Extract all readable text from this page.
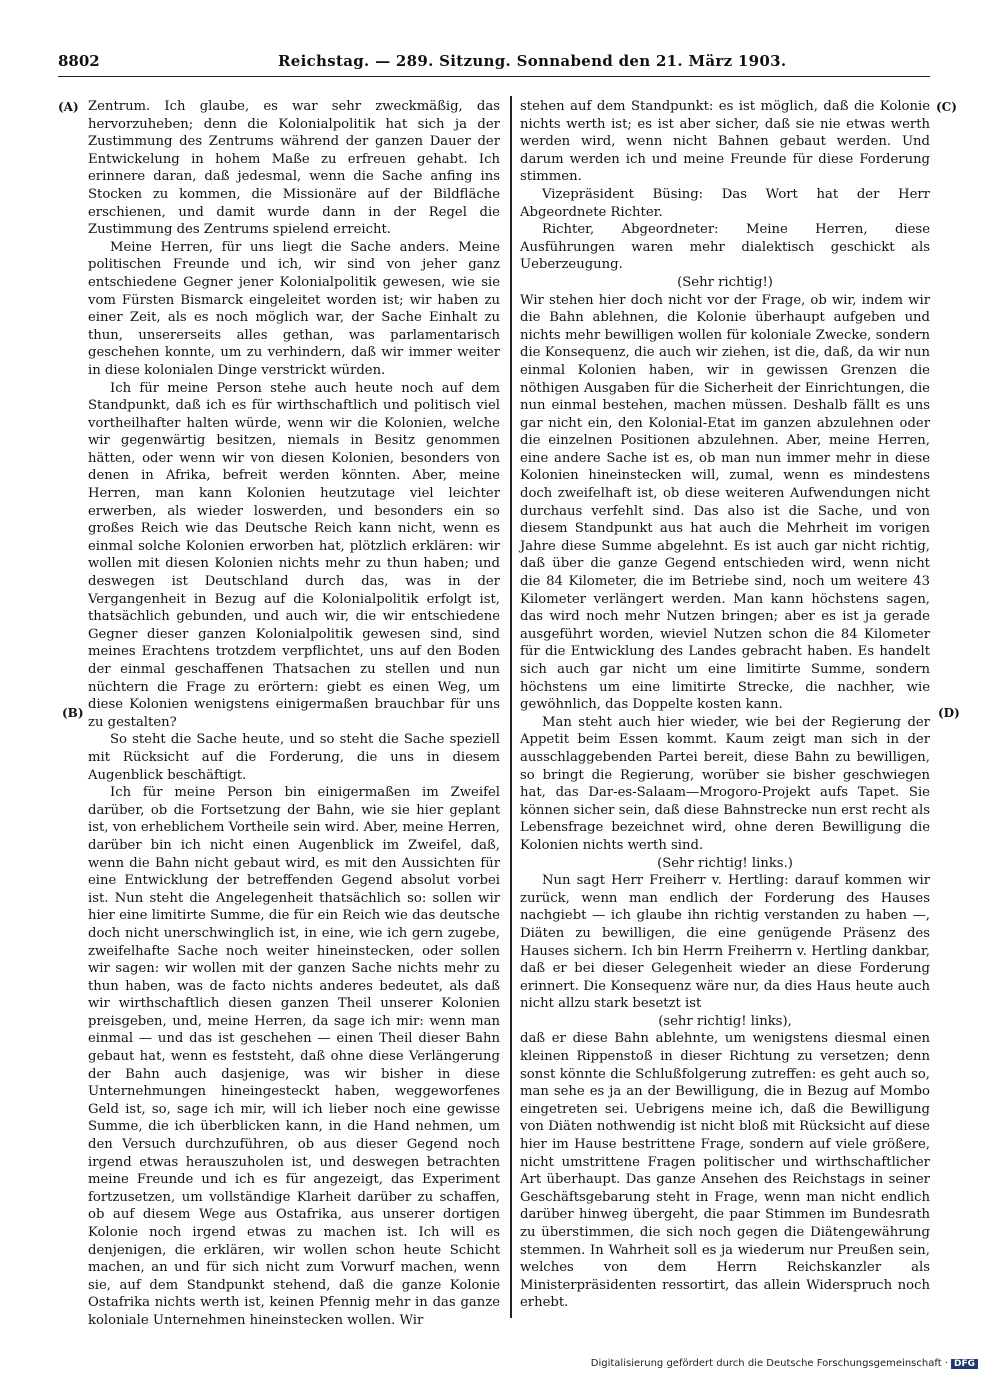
8802	Reichstag. — 289. Sitzung. Sonnabend den 21. März 1903.
(A)
(B)
(C)
(D)

Zentrum. Ich glaube, es war sehr zweckmäßig, das hervorzuheben; denn die Kolonialpolitik hat sich ja der Zustimmung des Zentrums während der ganzen Dauer der Entwickelung in hohem Maße zu erfreuen gehabt. Ich erinnere daran, daß jedesmal, wenn die Sache anfing ins Stocken zu kommen, die Missionäre auf der Bildfläche erschienen, und damit wurde dann in der Regel die Zustimmung des Zentrums spielend erreicht.

Meine Herren, für uns liegt die Sache anders. Meine politischen Freunde und ich, wir sind von jeher ganz entschiedene Gegner jener Kolonialpolitik gewesen, wie sie vom Fürsten Bismarck eingeleitet worden ist; wir haben zu einer Zeit, als es noch möglich war, der Sache Einhalt zu thun, unsererseits alles gethan, was parlamentarisch geschehen konnte, um zu verhindern, daß wir immer weiter in diese kolonialen Dinge verstrickt würden.

Ich für meine Person stehe auch heute noch auf dem Standpunkt, daß ich es für wirthschaftlich und politisch viel vortheilhafter halten würde, wenn wir die Kolonien, welche wir gegenwärtig besitzen, niemals in Besitz genommen hätten, oder wenn wir von diesen Kolonien, besonders von denen in Afrika, befreit werden könnten. Aber, meine Herren, man kann Kolonien heutzutage viel leichter erwerben, als wieder loswerden, und besonders ein so großes Reich wie das Deutsche Reich kann nicht, wenn es einmal solche Kolonien erworben hat, plötzlich erklären: wir wollen mit diesen Kolonien nichts mehr zu thun haben; und deswegen ist Deutschland durch das, was in der Vergangenheit in Bezug auf die Kolonialpolitik erfolgt ist, thatsächlich gebunden, und auch wir, die wir entschiedene Gegner dieser ganzen Kolonialpolitik gewesen sind, sind meines Erachtens trotzdem verpflichtet, uns auf den Boden der einmal geschaffenen Thatsachen zu stellen und nun nüchtern die Frage zu erörtern: giebt es einen Weg, um diese Kolonien wenigstens einigermaßen brauchbar für uns zu gestalten?

So steht die Sache heute, und so steht die Sache speziell mit Rücksicht auf die Forderung, die uns in diesem Augenblick beschäftigt.

Ich für meine Person bin einigermaßen im Zweifel darüber, ob die Fortsetzung der Bahn, wie sie hier geplant ist, von erheblichem Vortheile sein wird. Aber, meine Herren, darüber bin ich nicht einen Augenblick im Zweifel, daß, wenn die Bahn nicht gebaut wird, es mit den Aussichten für eine Entwicklung der betreffenden Gegend absolut vorbei ist. Nun steht die Angelegenheit thatsächlich so: sollen wir hier eine limitirte Summe, die für ein Reich wie das deutsche doch nicht unerschwinglich ist, in eine, wie ich gern zugebe, zweifelhafte Sache noch weiter hineinstecken, oder sollen wir sagen: wir wollen mit der ganzen Sache nichts mehr zu thun haben, was de facto nichts anderes bedeutet, als daß wir wirthschaftlich diesen ganzen Theil unserer Kolonien preisgeben, und, meine Herren, da sage ich mir: wenn man einmal — und das ist geschehen — einen Theil dieser Bahn gebaut hat, wenn es feststeht, daß ohne diese Verlängerung der Bahn auch dasjenige, was wir bisher in diese Unternehmungen hineingesteckt haben, weggeworfenes Geld ist, so, sage ich mir, will ich lieber noch eine gewisse Summe, die ich überblicken kann, in die Hand nehmen, um den Versuch durchzuführen, ob aus dieser Gegend noch irgend etwas herauszuholen ist, und deswegen betrachten meine Freunde und ich es für angezeigt, das Experiment fortzusetzen, um vollständige Klarheit darüber zu schaffen, ob auf diesem Wege aus Ostafrika, aus unserer dortigen Kolonie noch irgend etwas zu machen ist. Ich will es denjenigen, die erklären, wir wollen schon heute Schicht machen, an und für sich nicht zum Vorwurf machen, wenn sie, auf dem Standpunkt stehend, daß die ganze Kolonie Ostafrika nichts werth ist, keinen Pfennig mehr in das ganze koloniale Unternehmen hineinstecken wollen. Wir

stehen auf dem Standpunkt: es ist möglich, daß die Kolonie nichts werth ist; es ist aber sicher, daß sie nie etwas werth werden wird, wenn nicht Bahnen gebaut werden. Und darum werden ich und meine Freunde für diese Forderung stimmen.

Vizepräsident Büsing: Das Wort hat der Herr Abgeordnete Richter.

Richter, Abgeordneter: Meine Herren, diese Ausführungen waren mehr dialektisch geschickt als Ueberzeugung.

(Sehr richtig!)

Wir stehen hier doch nicht vor der Frage, ob wir, indem wir die Bahn ablehnen, die Kolonie überhaupt aufgeben und nichts mehr bewilligen wollen für koloniale Zwecke, sondern die Konsequenz, die auch wir ziehen, ist die, daß, da wir nun einmal Kolonien haben, wir in gewissen Grenzen die nöthigen Ausgaben für die Sicherheit der Einrichtungen, die nun einmal bestehen, machen müssen. Deshalb fällt es uns gar nicht ein, den Kolonial-Etat im ganzen abzulehnen oder die einzelnen Positionen abzulehnen. Aber, meine Herren, eine andere Sache ist es, ob man nun immer mehr in diese Kolonien hineinstecken will, zumal, wenn es mindestens doch zweifelhaft ist, ob diese weiteren Aufwendungen nicht durchaus verfehlt sind. Das also ist die Sache, und von diesem Standpunkt aus hat auch die Mehrheit im vorigen Jahre diese Summe abgelehnt. Es ist auch gar nicht richtig, daß über die ganze Gegend entschieden wird, wenn nicht die 84 Kilometer, die im Betriebe sind, noch um weitere 43 Kilometer verlängert werden. Man kann höchstens sagen, das wird noch mehr Nutzen bringen; aber es ist ja gerade ausgeführt worden, wieviel Nutzen schon die 84 Kilometer für die Entwicklung des Landes gebracht haben. Es handelt sich auch gar nicht um eine limitirte Summe, sondern höchstens um eine limitirte Strecke, die nachher, wie gewöhnlich, das Doppelte kosten kann.

Man steht auch hier wieder, wie bei der Regierung der Appetit beim Essen kommt. Kaum zeigt man sich in der ausschlaggebenden Partei bereit, diese Bahn zu bewilligen, so bringt die Regierung, worüber sie bisher geschwiegen hat, das Dar-es-Salaam—Mrogoro-Projekt aufs Tapet. Sie können sicher sein, daß diese Bahnstrecke nun erst recht als Lebensfrage bezeichnet wird, ohne deren Bewilligung die Kolonien nichts werth sind.

(Sehr richtig! links.)

Nun sagt Herr Freiherr v. Hertling: darauf kommen wir zurück, wenn man endlich der Forderung des Hauses nachgiebt — ich glaube ihn richtig verstanden zu haben —, Diäten zu bewilligen, die eine genügende Präsenz des Hauses sichern. Ich bin Herrn Freiherrn v. Hertling dankbar, daß er bei dieser Gelegenheit wieder an diese Forderung erinnert. Die Konsequenz wäre nur, da dies Haus heute auch nicht allzu stark besetzt ist

(sehr richtig! links),

daß er diese Bahn ablehnte, um wenigstens diesmal einen kleinen Rippenstoß in dieser Richtung zu versetzen; denn sonst könnte die Schlußfolgerung zutreffen: es geht auch so, man sehe es ja an der Bewilligung, die in Bezug auf Mombo eingetreten sei. Uebrigens meine ich, daß die Bewilligung von Diäten nothwendig ist nicht bloß mit Rücksicht auf diese hier im Hause bestrittene Frage, sondern auf viele größere, nicht umstrittene Fragen politischer und wirthschaftlicher Art überhaupt. Das ganze Ansehen des Reichstags in seiner Geschäftsgebarung steht in Frage, wenn man nicht endlich darüber hinweg übergeht, die paar Stimmen im Bundesrath zu überstimmen, die sich noch gegen die Diätengewährung stemmen. In Wahrheit soll es ja wiederum nur Preußen sein, welches von dem Herrn Reichskanzler als Ministerpräsidenten ressortirt, das allein Widerspruch noch erhebt.

Digitalisierung gefördert durch die Deutsche Forschungsgemeinschaft · DFG
